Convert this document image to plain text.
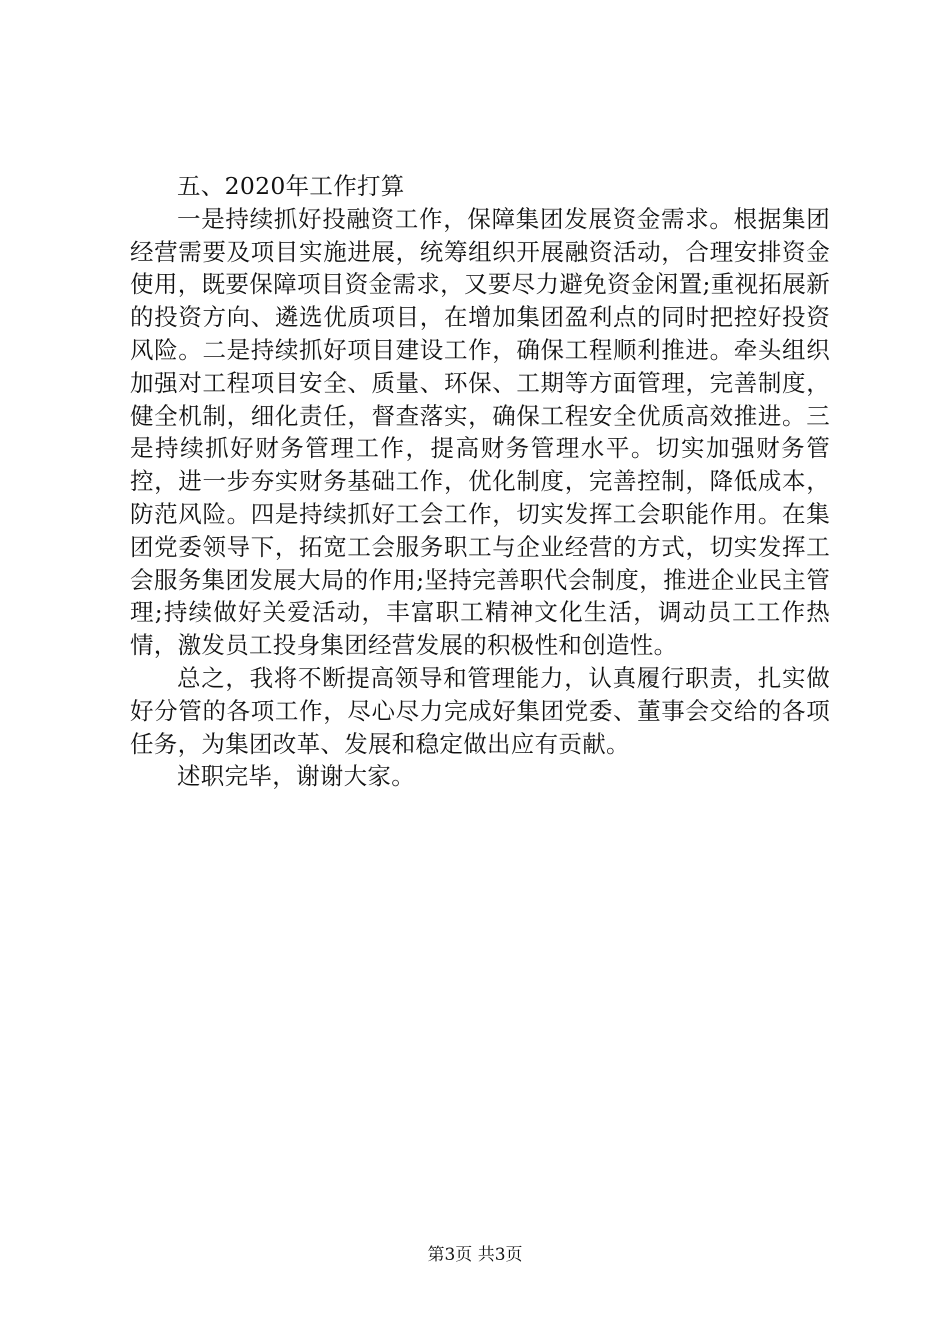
五、2020年工作打算

一是持续抓好投融资工作，保障集团发展资金需求。根据集团经营需要及项目实施进展，统筹组织开展融资活动，合理安排资金使用，既要保障项目资金需求，又要尽力避免资金闲置;重视拓展新的投资方向、遴选优质项目，在增加集团盈利点的同时把控好投资风险。二是持续抓好项目建设工作，确保工程顺利推进。牵头组织加强对工程项目安全、质量、环保、工期等方面管理，完善制度，健全机制，细化责任，督查落实，确保工程安全优质高效推进。三是持续抓好财务管理工作，提高财务管理水平。切实加强财务管控，进一步夯实财务基础工作，优化制度，完善控制，降低成本，防范风险。四是持续抓好工会工作，切实发挥工会职能作用。在集团党委领导下，拓宽工会服务职工与企业经营的方式，切实发挥工会服务集团发展大局的作用;坚持完善职代会制度，推进企业民主管理;持续做好关爱活动，丰富职工精神文化生活，调动员工工作热情，激发员工投身集团经营发展的积极性和创造性。

总之，我将不断提高领导和管理能力，认真履行职责，扎实做好分管的各项工作，尽心尽力完成好集团党委、董事会交给的各项任务，为集团改革、发展和稳定做出应有贡献。

述职完毕，谢谢大家。

第3页 共3页
